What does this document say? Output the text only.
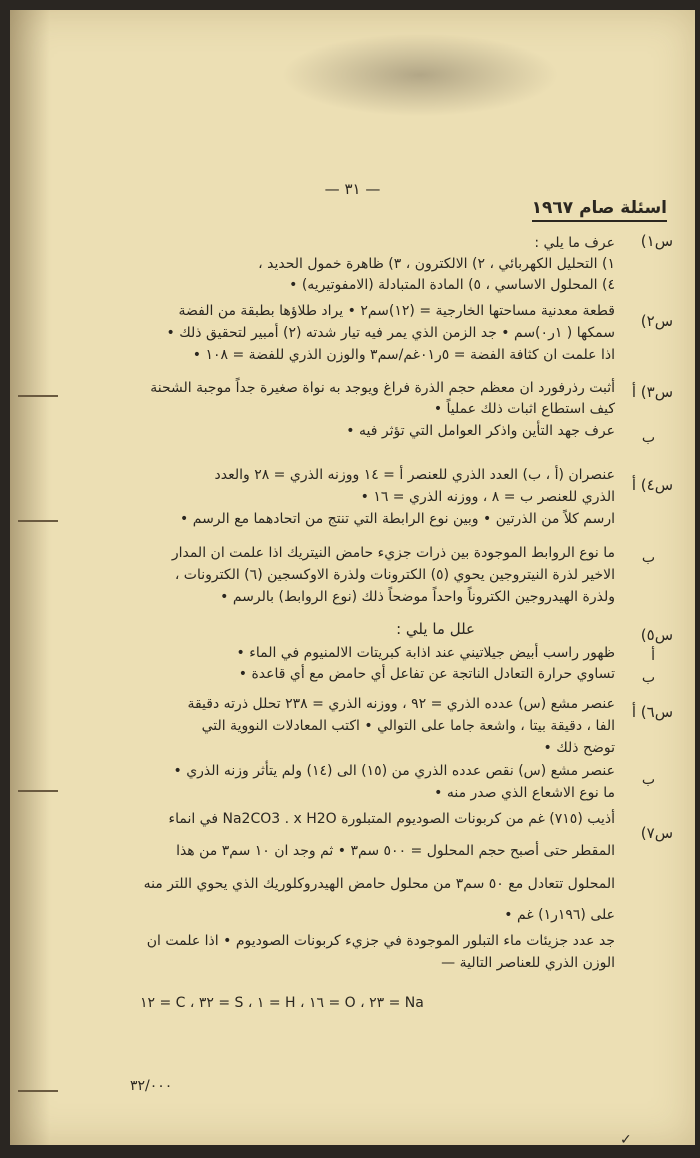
— ٣١ —
اسئلة صام ١٩٦٧
س١)
عرف ما يلي :
١) التحليل الكهربائي ، ٢) الالكترون ، ٣) ظاهرة خمول الحديد ،
٤) المحلول الاساسي ، ٥) المادة المتبادلة (الامفوتيريه) •
س٢)
قطعة معدنية مساحتها الخارجية = (١٢)سم٢ • يراد طلاؤها بطبقة من الفضة
سمكها ( ١ر٠)سم • جد الزمن الذي يمر فيه تيار شدته (٢) أمبير لتحقيق ذلك •
اذا علمت ان كثافة الفضة = ٥ر٠١غم/سم٣ والوزن الذري للفضة = ١٠٨ •
س٣) أ
أثبت رذرفورد ان معظم حجم الذرة فراغ ويوجد به نواة صغيرة جداً موجبة الشحنة
كيف استطاع اثبات ذلك عملياً •
ب
عرف جهد التأين واذكر العوامل التي تؤثر فيه •
س٤) أ
عنصران (أ ، ب) العدد الذري للعنصر أ = ١٤ ووزنه الذري = ٢٨ والعدد
الذري للعنصر ب = ٨ ، ووزنه الذري = ١٦ •
ارسم كلاً من الذرتين • وبين نوع الرابطة التي تنتج من اتحادهما مع الرسم •
ب
ما نوع الروابط الموجودة بين ذرات جزيء حامض النيتريك اذا علمت ان المدار
الاخير لذرة النيتروجين يحوي (٥) الكترونات ولذرة الاوكسجين (٦) الكترونات ،
ولذرة الهيدروجين الكتروناً واحداً موضحاً ذلك (نوع الروابط) بالرسم •
س٥)
علل ما يلي :
أ
ظهور راسب أبيض جيلاتيني عند اذابة كبريتات الالمنيوم في الماء •
ب
تساوي حرارة التعادل الناتجة عن تفاعل أي حامض مع أي قاعدة •
س٦) أ
عنصر مشع (س) عدده الذري = ٩٢ ، ووزنه الذري = ٢٣٨ تحلل ذرته دقيقة
الفا ، دقيقة بيتا ، واشعة جاما على التوالي • اكتب المعادلات النووية التي
توضح ذلك •
ب
عنصر مشع (س) نقص عدده الذري من (١٥) الى (١٤) ولم يتأثر وزنه الذري •
ما نوع الاشعاع الذي صدر منه •
س٧)
أذيب (٧١٥) غم من كربونات الصوديوم المتبلورة Na2CO3 . x H2O في انماء
المقطر حتى أصبح حجم المحلول = ٥٠٠ سم٣ • ثم وجد ان ١٠ سم٣ من هذا
المحلول تتعادل مع ٥٠ سم٣ من محلول حامض الهيدروكلوريك الذي يحوي اللتر منه
على (١٩٦ر١) غم •
جد عدد جزيئات ماء التبلور الموجودة في جزيء كربونات الصوديوم • اذا علمت ان
الوزن الذري للعناصر التالية —
١٢ = C ، ٣٢ = S ، ١ = H ، ١٦ = O ، ٢٣ = Na
٣٢/٠٠٠
✓
